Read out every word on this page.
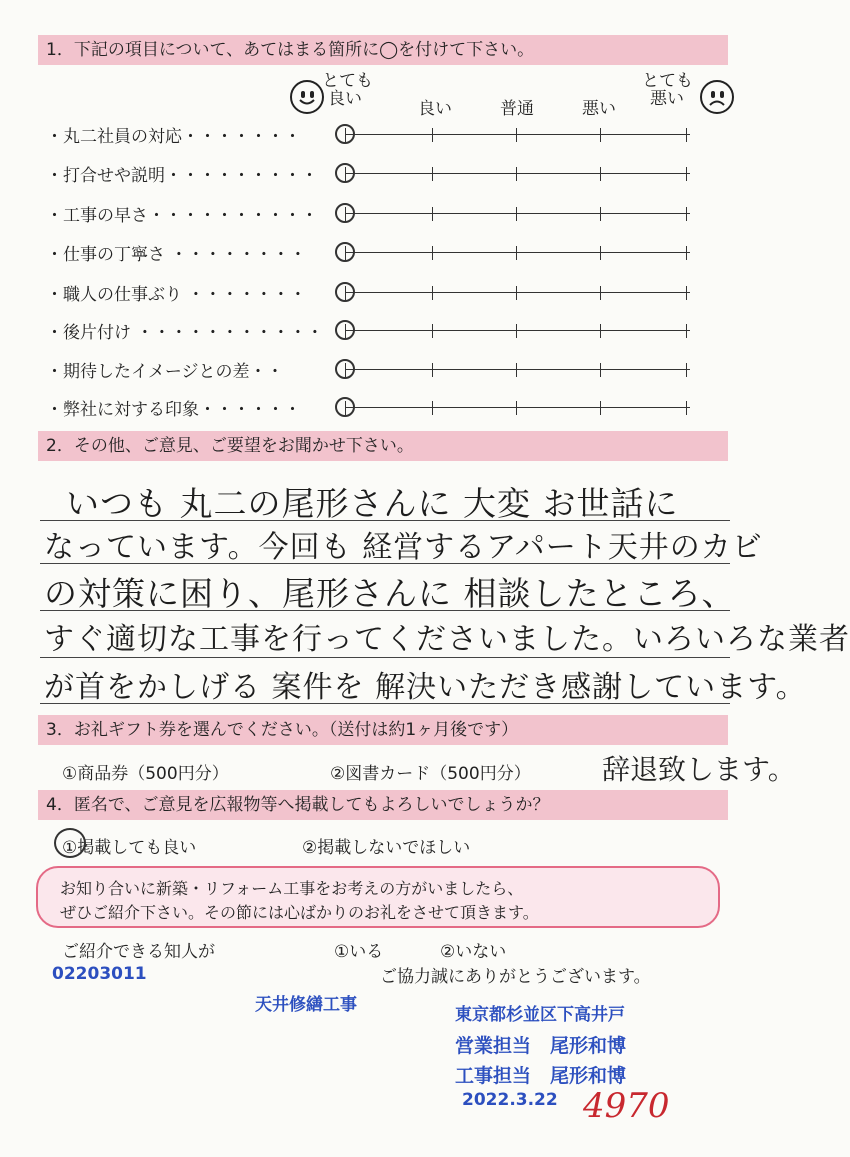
1．下記の項目について、あてはまる箇所に◯を付けて下さい。
とても
良い	良い	普通	悪い
とても
悪い
・丸二社員の対応・・・・・・・
・打合せや説明・・・・・・・・・
・工事の早さ・・・・・・・・・・
・仕事の丁寧さ ・・・・・・・・
・職人の仕事ぶり ・・・・・・・
・後片付け ・・・・・・・・・・・
・期待したイメージとの差・・
・弊社に対する印象・・・・・・
2．その他、ご意見、ご要望をお聞かせ下さい。
いつも 丸二の尾形さんに 大変 お世話に
なっています。今回も 経営するアパート天井のカビ
の対策に困り、尾形さんに 相談したところ、
すぐ適切な工事を行ってくださいました。いろいろな業者
が首をかしげる 案件を 解決いただき感謝しています。
3．お礼ギフト券を選んでください。（送付は約1ヶ月後です）
①商品券（500円分）	②図書カード（500円分）	辞退致します。
4．匿名で、ご意見を広報物等へ掲載してもよろしいでしょうか？
①掲載しても良い	②掲載しないでほしい
お知り合いに新築・リフォーム工事をお考えの方がいましたら、
ぜひご紹介下さい。その節には心ばかりのお礼をさせて頂きます。
ご紹介できる知人が	①いる	②いない
ご協力誠にありがとうございます。
02203011
天井修繕工事	東京都杉並区下高井戸
営業担当　尾形和博
工事担当　尾形和博
2022.3.22 4970
